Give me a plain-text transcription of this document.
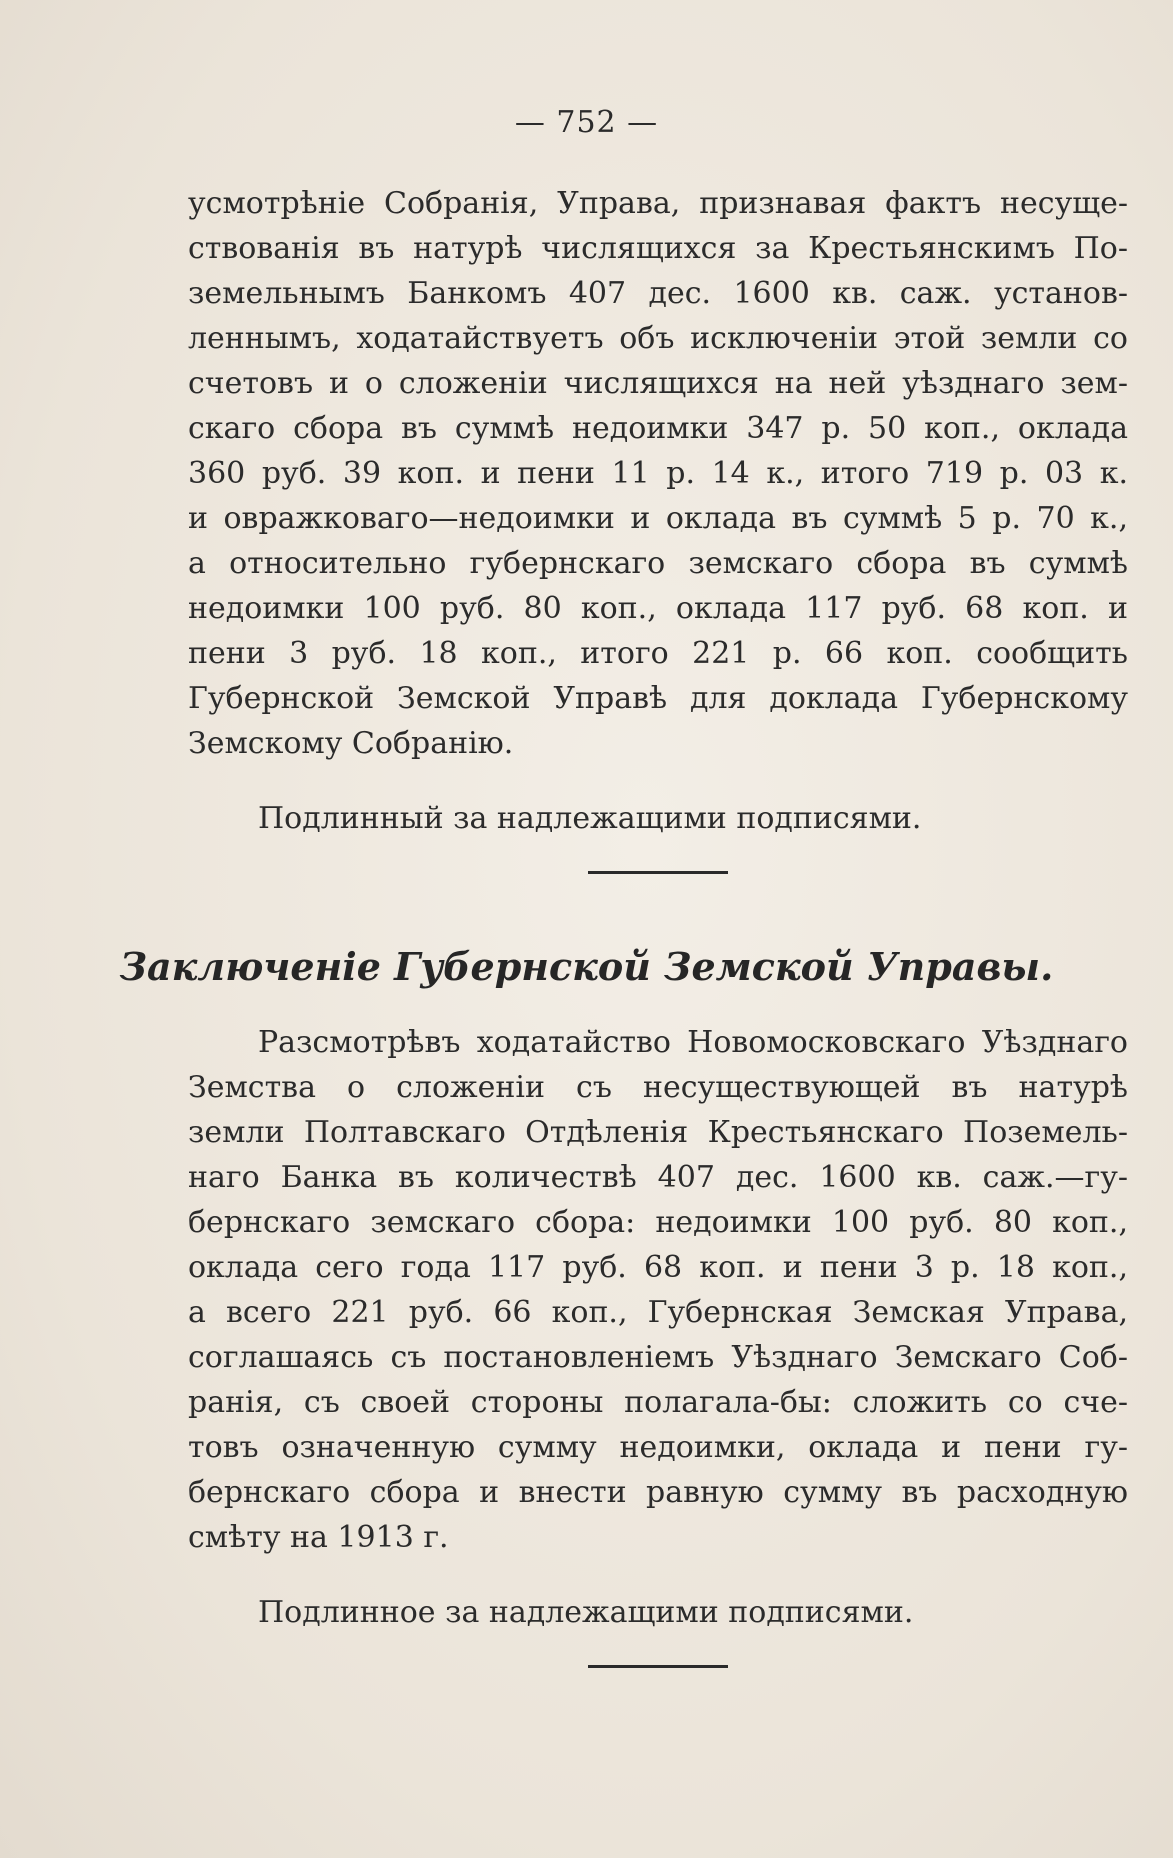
— 752 —
усмотрѣніе Собранія, Управа, признавая фактъ несуще-
ствованія въ натурѣ числящихся за Крестьянскимъ По-
земельнымъ Банкомъ 407 дес. 1600 кв. саж. установ-
леннымъ, ходатайствуетъ объ исключеніи этой земли со
счетовъ и о сложеніи числящихся на ней уѣзднаго зем-
скаго сбора въ суммѣ недоимки 347 р. 50 коп., оклада
360 руб. 39 коп. и пени 11 р. 14 к., итого 719 р. 03 к.
и овражковаго—недоимки и оклада въ суммѣ 5 р. 70 к.,
а относительно губернскаго земскаго сбора въ суммѣ
недоимки 100 руб. 80 коп., оклада 117 руб. 68 коп. и
пени 3 руб. 18 коп., итого 221 р. 66 коп. сообщить
Губернской Земской Управѣ для доклада Губернскому
Земскому Собранію.
Подлинный за надлежащими подписями.
Заключеніе Губернской Земской Управы.
Разсмотрѣвъ ходатайство Новомосковскаго Уѣзднаго
Земства о сложеніи съ несуществующей въ натурѣ
земли Полтавскаго Отдѣленія Крестьянскаго Поземель-
наго Банка въ количествѣ 407 дес. 1600 кв. саж.—гу-
бернскаго земскаго сбора: недоимки 100 руб. 80 коп.,
оклада сего года 117 руб. 68 коп. и пени 3 р. 18 коп.,
а всего 221 руб. 66 коп., Губернская Земская Управа,
соглашаясь съ постановленіемъ Уѣзднаго Земскаго Соб-
ранія, съ своей стороны полагала-бы: сложить со сче-
товъ означенную сумму недоимки, оклада и пени гу-
бернскаго сбора и внести равную сумму въ расходную
смѣту на 1913 г.
Подлинное за надлежащими подписями.
